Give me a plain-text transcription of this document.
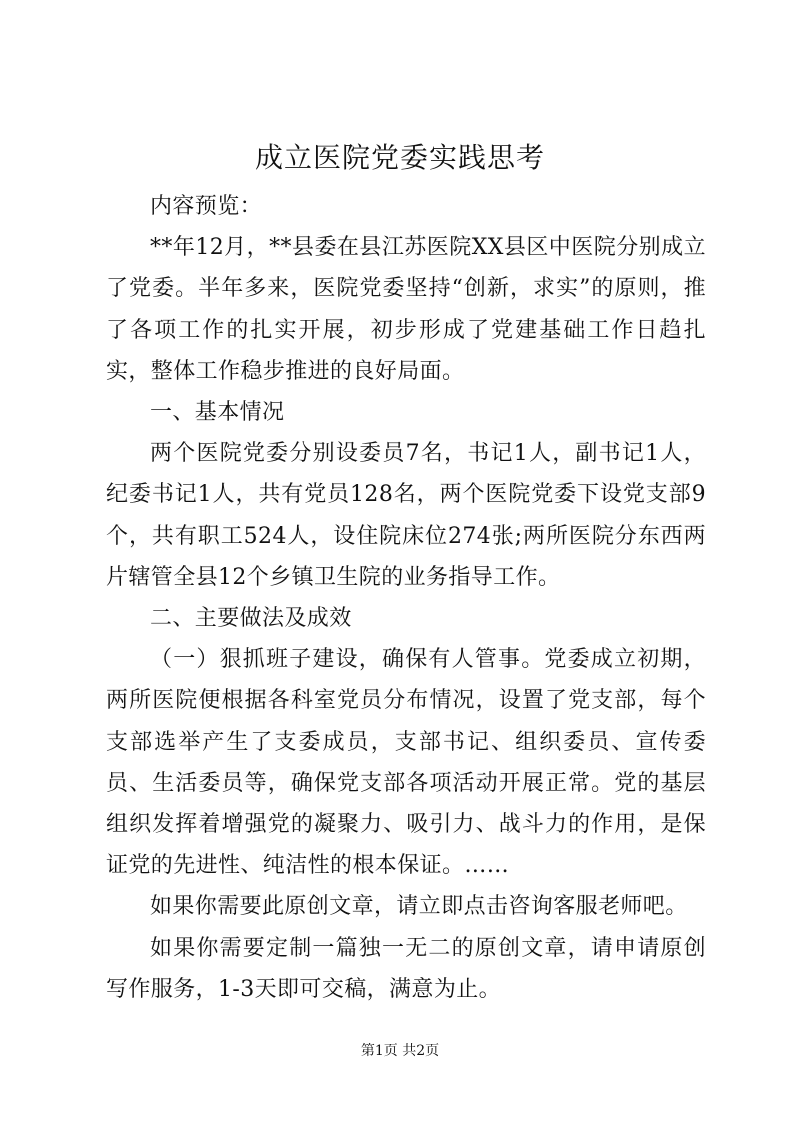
成立医院党委实践思考

内容预览：

**年12月，**县委在县江苏医院XX县区中医院分别成立了党委。半年多来，医院党委坚持“创新，求实”的原则，推了各项工作的扎实开展，初步形成了党建基础工作日趋扎实，整体工作稳步推进的良好局面。

一、基本情况

两个医院党委分别设委员7名，书记1人，副书记1人，纪委书记1人，共有党员128名，两个医院党委下设党支部9个，共有职工524人，设住院床位274张;两所医院分东西两片辖管全县12个乡镇卫生院的业务指导工作。

二、主要做法及成效

（一）狠抓班子建设，确保有人管事。党委成立初期，两所医院便根据各科室党员分布情况，设置了党支部，每个支部选举产生了支委成员，支部书记、组织委员、宣传委员、生活委员等，确保党支部各项活动开展正常。党的基层组织发挥着增强党的凝聚力、吸引力、战斗力的作用，是保证党的先进性、纯洁性的根本保证。……

如果你需要此原创文章，请立即点击咨询客服老师吧。

如果你需要定制一篇独一无二的原创文章，请申请原创写作服务，1-3天即可交稿，满意为止。

第1页 共2页
